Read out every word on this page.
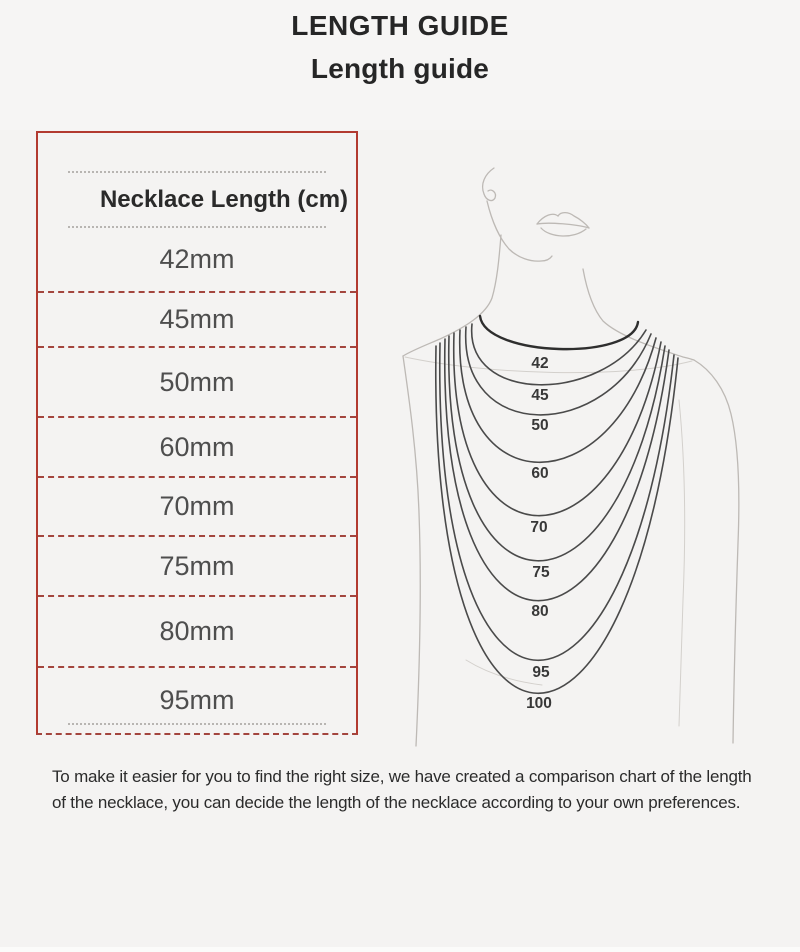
LENGTH GUIDE
Length guide
Necklace Length (cm)
42mm
45mm
50mm
60mm
70mm
75mm
80mm
95mm
42
45
50
60
70
75
80
95
100
To make it easier for you to find the right size, we have created a comparison chart of the length of the necklace, you can decide the length of the necklace according to your own preferences.
